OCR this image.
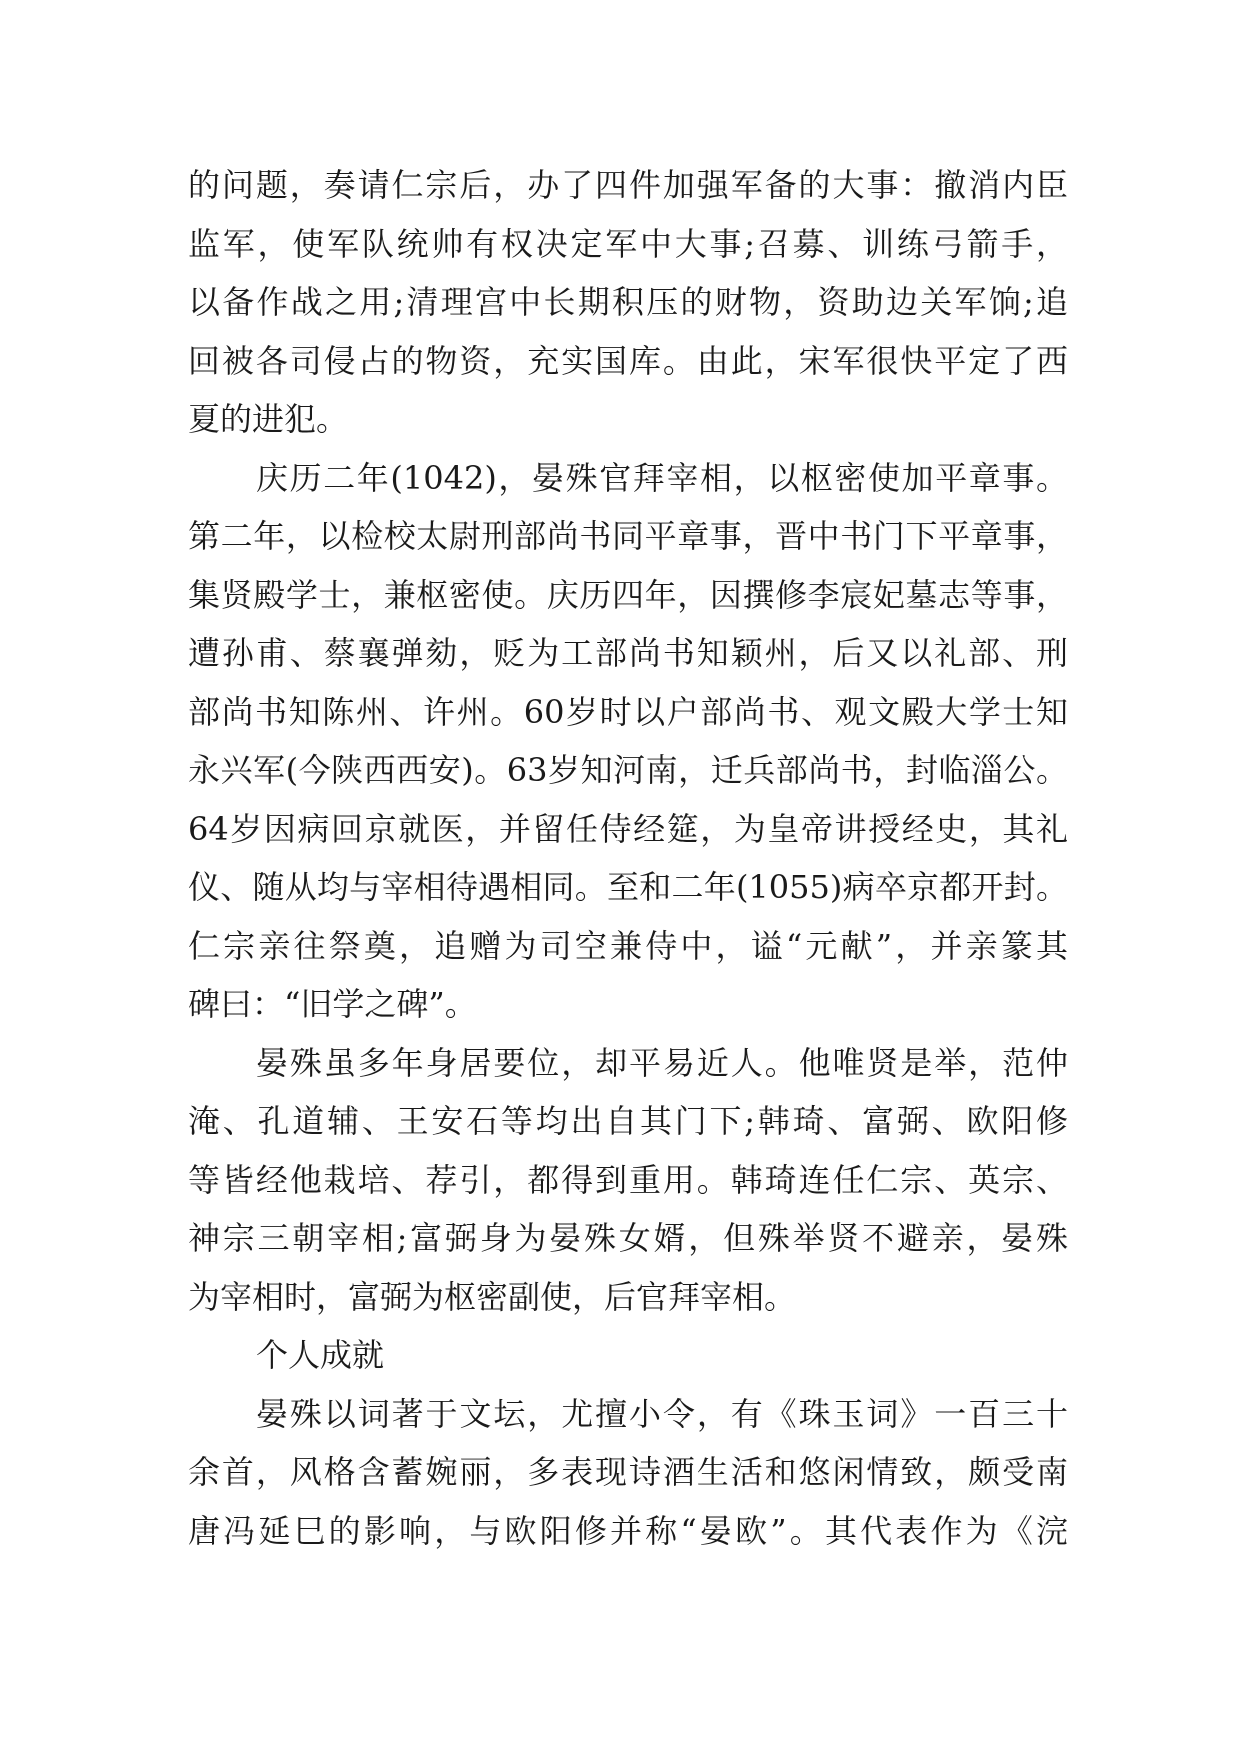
的问题，奏请仁宗后，办了四件加强军备的大事：撤消内臣
监军，使军队统帅有权决定军中大事;召募、训练弓箭手，
以备作战之用;清理宫中长期积压的财物，资助边关军饷;追
回被各司侵占的物资，充实国库。由此，宋军很快平定了西
夏的进犯。
庆历二年(1042)，晏殊官拜宰相，以枢密使加平章事。
第二年，以检校太尉刑部尚书同平章事，晋中书门下平章事，
集贤殿学士，兼枢密使。庆历四年，因撰修李宸妃墓志等事，
遭孙甫、蔡襄弹劾，贬为工部尚书知颖州，后又以礼部、刑
部尚书知陈州、许州。60岁时以户部尚书、观文殿大学士知
永兴军(今陕西西安)。63岁知河南，迁兵部尚书，封临淄公。
64岁因病回京就医，并留任侍经筵，为皇帝讲授经史，其礼
仪、随从均与宰相待遇相同。至和二年(1055)病卒京都开封。
仁宗亲往祭奠，追赠为司空兼侍中，谥“元献”，并亲篆其
碑曰：“旧学之碑”。
晏殊虽多年身居要位，却平易近人。他唯贤是举，范仲
淹、孔道辅、王安石等均出自其门下;韩琦、富弼、欧阳修
等皆经他栽培、荐引，都得到重用。韩琦连任仁宗、英宗、
神宗三朝宰相;富弼身为晏殊女婿，但殊举贤不避亲，晏殊
为宰相时，富弼为枢密副使，后官拜宰相。
个人成就
晏殊以词著于文坛，尤擅小令，有《珠玉词》一百三十
余首，风格含蓄婉丽，多表现诗酒生活和悠闲情致，颇受南
唐冯延巳的影响，与欧阳修并称“晏欧”。其代表作为《浣
